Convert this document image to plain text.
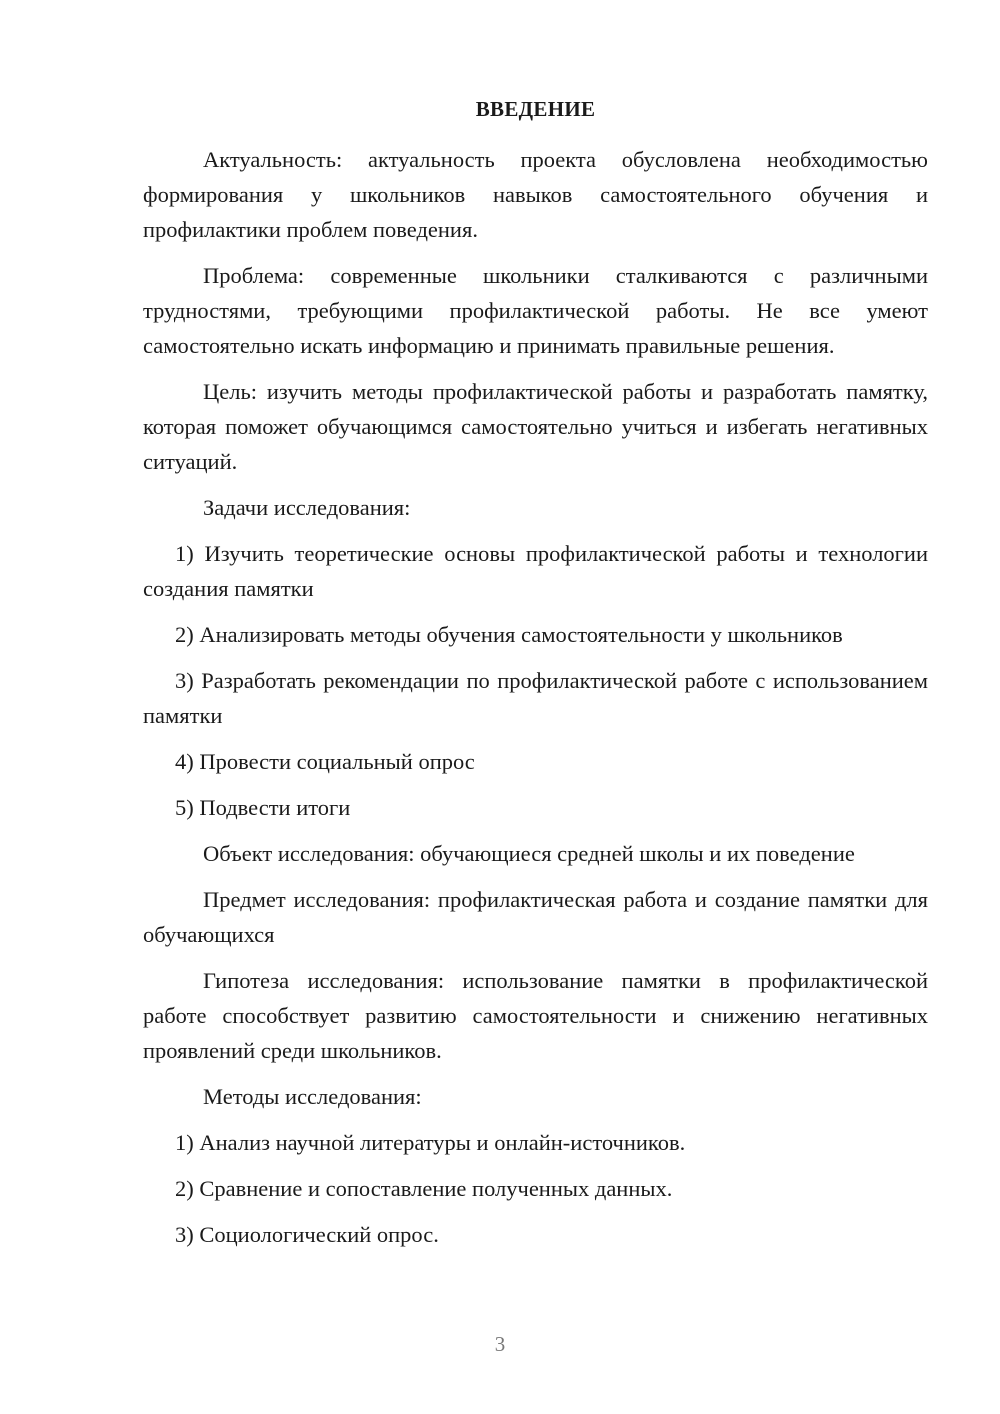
ВВЕДЕНИЕ

Актуальность: актуальность проекта обусловлена необходимостью формирования у школьников навыков самостоятельного обучения и профилактики проблем поведения.

Проблема: современные школьники сталкиваются с различными трудностями, требующими профилактической работы. Не все умеют самостоятельно искать информацию и принимать правильные решения.

Цель: изучить методы профилактической работы и разработать памятку, которая поможет обучающимся самостоятельно учиться и избегать негативных ситуаций.

Задачи исследования:

1) Изучить теоретические основы профилактической работы и технологии создания памятки

2) Анализировать методы обучения самостоятельности у школьников

3) Разработать рекомендации по профилактической работе с использованием памятки

4) Провести социальный опрос

5) Подвести итоги

Объект исследования: обучающиеся средней школы и их поведение

Предмет исследования: профилактическая работа и создание памятки для обучающихся

Гипотеза исследования: использование памятки в профилактической работе способствует развитию самостоятельности и снижению негативных проявлений среди школьников.

Методы исследования:

1) Анализ научной литературы и онлайн-источников.

2) Сравнение и сопоставление полученных данных.

3) Социологический опрос.

3
